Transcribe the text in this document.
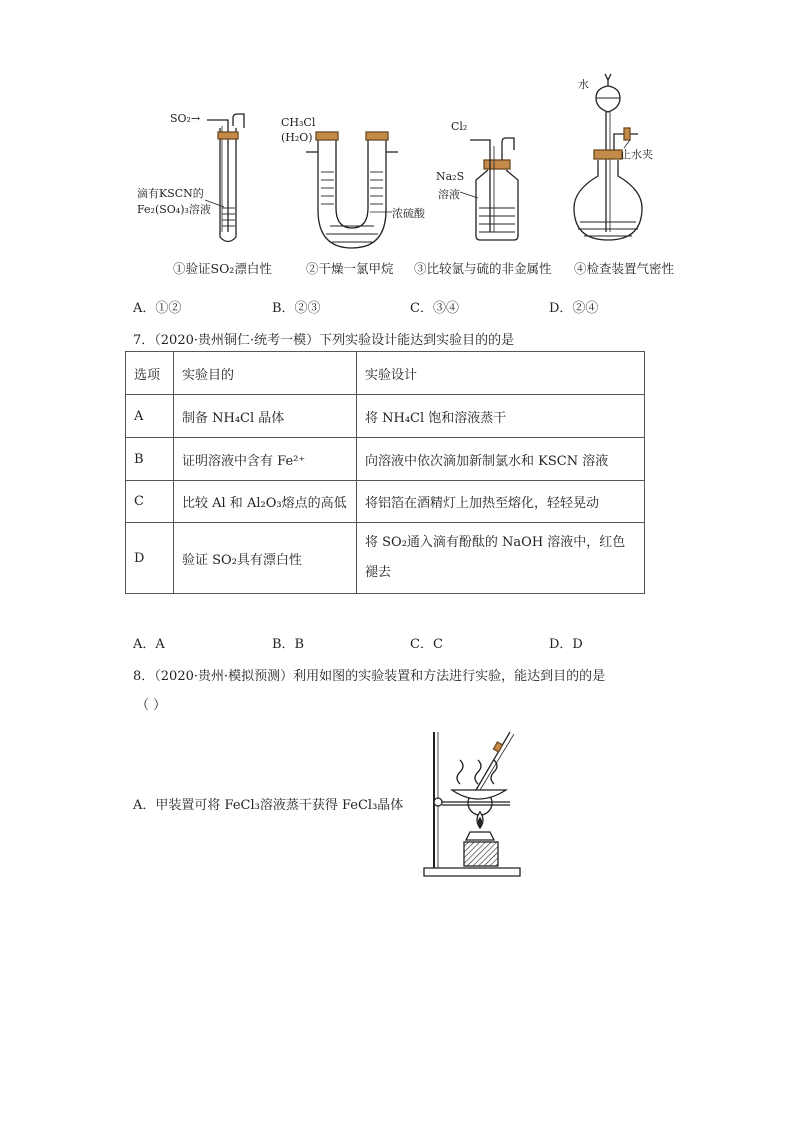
SO₂→
滴有KSCN的
Fe₂(SO₄)₃溶液
CH₃Cl
(H₂O)
浓硫酸
Cl₂
Na₂S
溶液
水
止水夹
①验证SO₂漂白性	②干燥一氯甲烷 ③比较氯与硫的非金属性 ④检查装置气密性
A．①②	B．②③	C．③④	D．②④
7．（2020·贵州铜仁·统考一模）下列实验设计能达到实验目的的是
选项	实验目的	实验设计
A	制备 NH₄Cl 晶体	将 NH₄Cl 饱和溶液蒸干
B	证明溶液中含有 Fe²⁺	向溶液中依次滴加新制氯水和 KSCN 溶液
C	比较 Al 和 Al₂O₃熔点的高低	将铝箔在酒精灯上加热至熔化，轻轻晃动
D	验证 SO₂具有漂白性	将 SO₂通入滴有酚酞的 NaOH 溶液中，红色褪去
A．A	B．B	C．C	D．D
8．（2020·贵州·模拟预测）利用如图的实验装置和方法进行实验，能达到目的的是
（ ）
A．甲装置可将 FeCl₃溶液蒸干获得 FeCl₃晶体
